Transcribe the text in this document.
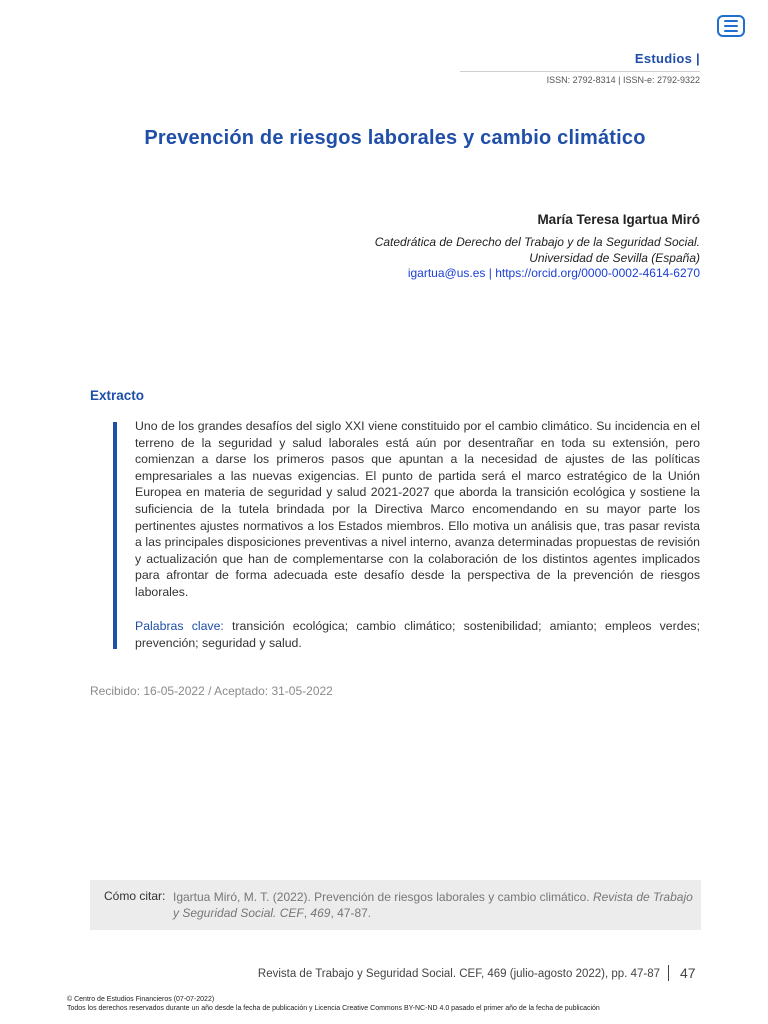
Estudios |
ISSN: 2792-8314 | ISSN-e: 2792-9322
Prevención de riesgos laborales y cambio climático
María Teresa Igartua Miró
Catedrática de Derecho del Trabajo y de la Seguridad Social.
Universidad de Sevilla (España)
igartua@us.es | https://orcid.org/0000-0002-4614-6270
Extracto
Uno de los grandes desafíos del siglo XXI viene constituido por el cambio climático. Su incidencia en el terreno de la seguridad y salud laborales está aún por desentrañar en toda su extensión, pero comienzan a darse los primeros pasos que apuntan a la necesidad de ajustes de las políticas empresariales a las nuevas exigencias. El punto de partida será el marco estratégico de la Unión Europea en materia de seguridad y salud 2021-2027 que aborda la transición ecológica y sostiene la suficiencia de la tutela brindada por la Directiva Marco encomendando en su mayor parte los pertinentes ajustes normativos a los Estados miembros. Ello motiva un análisis que, tras pasar revista a las principales disposiciones preventivas a nivel interno, avanza determinadas propuestas de revisión y actualización que han de complementarse con la colaboración de los distintos agentes implicados para afrontar de forma adecuada este desafío desde la perspectiva de la prevención de riesgos laborales.
Palabras clave: transición ecológica; cambio climático; sostenibilidad; amianto; empleos verdes; prevención; seguridad y salud.
Recibido: 16-05-2022 / Aceptado: 31-05-2022
Cómo citar: Igartua Miró, M. T. (2022). Prevención de riesgos laborales y cambio climático. Revista de Trabajo y Seguridad Social. CEF, 469, 47-87.
Revista de Trabajo y Seguridad Social. CEF, 469 (julio-agosto 2022), pp. 47-87 47
© Centro de Estudios Financieros (07-07-2022)
Todos los derechos reservados durante un año desde la fecha de publicación y Licencia Creative Commons BY-NC-ND 4.0 pasado el primer año de la fecha de publicación
